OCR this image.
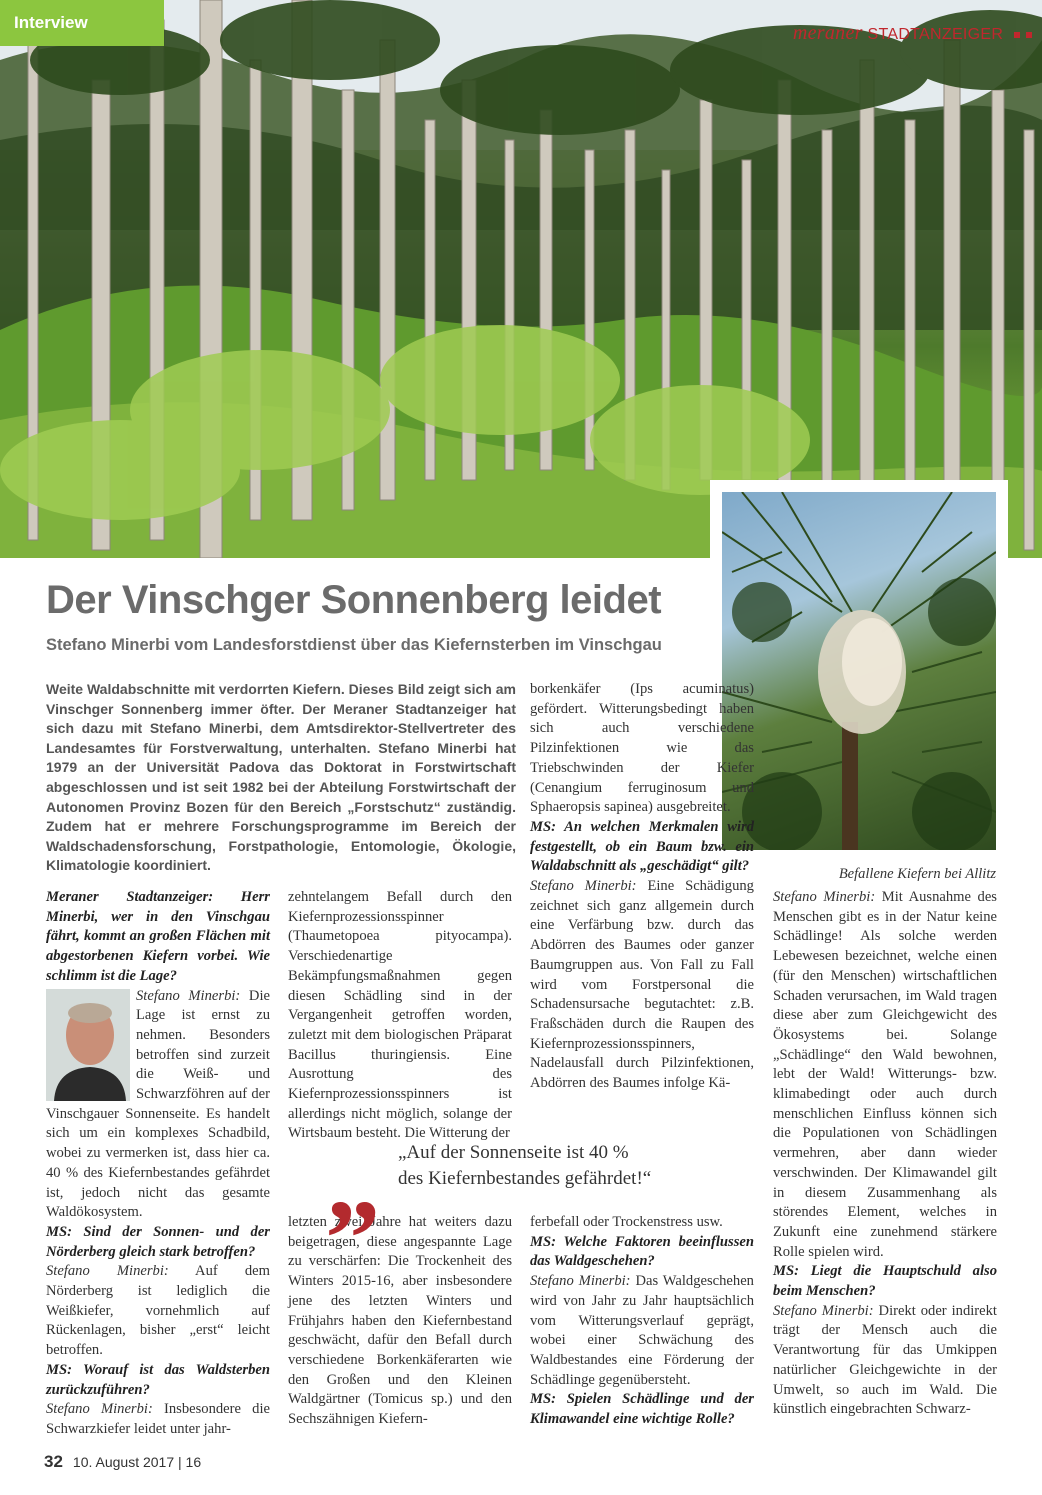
Interview	meraner STADTANZEIGER
Befallene Kiefern bei Allitz
Der Vinschger Sonnenberg leidet
Stefano Minerbi vom Landesforstdienst über das Kiefernsterben im Vinschgau

Weite Waldabschnitte mit verdorrten Kiefern. Dieses Bild zeigt sich am Vinschger Sonnenberg immer öfter. Der Meraner Stadtanzeiger hat sich dazu mit Stefano Minerbi, dem Amtsdirektor-Stellvertreter des Landesamtes für Forstverwaltung, unterhalten. Stefano Minerbi hat 1979 an der Universität Padova das Doktorat in Forstwirtschaft abgeschlossen und ist seit 1982 bei der Abteilung Forstwirtschaft der Autonomen Provinz Bozen für den Bereich „Forstschutz“ zuständig. Zudem hat er mehrere Forschungsprogramme im Bereich der Waldschadensforschung, Forstpathologie, Entomologie, Ökologie, Klimatologie koordiniert.

Meraner Stadtanzeiger: Herr Minerbi, wer in den Vinschgau fährt, kommt an großen Flächen mit abgestorbenen Kiefern vorbei. Wie schlimm ist die Lage?

Stefano Minerbi: Die Lage ist ernst zu nehmen. Besonders betroffen sind zurzeit die Weiß- und Schwarzföhren auf der Vinschgauer Sonnenseite. Es handelt sich um ein komplexes Schadbild, wobei zu vermerken ist, dass hier ca. 40 % des Kiefernbestandes gefährdet ist, jedoch nicht das gesamte Waldökosystem.

MS: Sind der Sonnen- und der Nörderberg gleich stark betroffen?

Stefano Minerbi: Auf dem Nörderberg ist lediglich die Weißkiefer, vornehmlich auf Rückenlagen, bisher „erst“ leicht betroffen.

MS: Worauf ist das Waldsterben zurückzuführen?

Stefano Minerbi: Insbesondere die Schwarzkiefer leidet unter jahr-

zehntelangem Befall durch den Kiefernprozessionsspinner (Thaumetopoea pityocampa). Verschiedenartige Bekämpfungsmaßnahmen gegen diesen Schädling sind in der Vergangenheit getroffen worden, zuletzt mit dem biologischen Präparat Bacillus thuringiensis. Eine Ausrottung des Kiefernprozessionsspinners ist allerdings nicht möglich, solange der Wirtsbaum besteht. Die Witterung der

letzten zwei Jahre hat weiters dazu beigetragen, diese angespannte Lage zu verschärfen: Die Trockenheit des Winters 2015-16, aber insbesondere jene des letzten Winters und Frühjahrs haben den Kiefernbestand geschwächt, dafür den Befall durch verschiedene Borkenkäferarten wie den Großen und den Kleinen Waldgärtner (Tomicus sp.) und den Sechszähnigen Kiefern-

borkenkäfer (Ips acuminatus) gefördert. Witterungsbedingt haben sich auch verschiedene Pilzinfektionen wie das Triebschwinden der Kiefer (Cenangium ferruginosum und Sphaeropsis sapinea) ausgebreitet.

MS: An welchen Merkmalen wird festgestellt, ob ein Baum bzw. ein Waldabschnitt als „geschädigt“ gilt?

Stefano Minerbi: Eine Schädigung zeichnet sich ganz allgemein durch eine Verfärbung bzw. durch das Abdörren des Baumes oder ganzer Baumgruppen aus. Von Fall zu Fall wird vom Forstpersonal die Schadensursache begutachtet: z.B. Fraßschäden durch die Raupen des Kiefernprozessionsspinners, Nadelausfall durch Pilzinfektionen, Abdörren des Baumes infolge Kä-

ferbefall oder Trockenstress usw.

MS: Welche Faktoren beeinflussen das Waldgeschehen?

Stefano Minerbi: Das Waldgeschehen wird von Jahr zu Jahr hauptsächlich vom Witterungsverlauf geprägt, wobei einer Schwächung des Waldbestandes eine Förderung der Schädlinge gegenübersteht.

MS: Spielen Schädlinge und der Klimawandel eine wichtige Rolle?

Stefano Minerbi: Mit Ausnahme des Menschen gibt es in der Natur keine Schädlinge! Als solche werden Lebewesen bezeichnet, welche einen (für den Menschen) wirtschaftlichen Schaden verursachen, im Wald tragen diese aber zum Gleichgewicht des Ökosystems bei. Solange „Schädlinge“ den Wald bewohnen, lebt der Wald! Witterungs- bzw. klimabedingt oder auch durch menschlichen Einfluss können sich die Populationen von Schädlingen vermehren, aber dann wieder verschwinden. Der Klimawandel gilt in diesem Zusammenhang als störendes Element, welches in Zukunft eine zunehmend stärkere Rolle spielen wird.

MS: Liegt die Hauptschuld also beim Menschen?

Stefano Minerbi: Direkt oder indirekt trägt der Mensch auch die Verantwortung für das Umkippen natürlicher Gleichgewichte in der Umwelt, so auch im Wald. Die künstlich eingebrachten Schwarz-

„ „Auf der Sonnenseite ist 40 %
des Kiefernbestandes gefährdet!“
32 10. August 2017 | 16
